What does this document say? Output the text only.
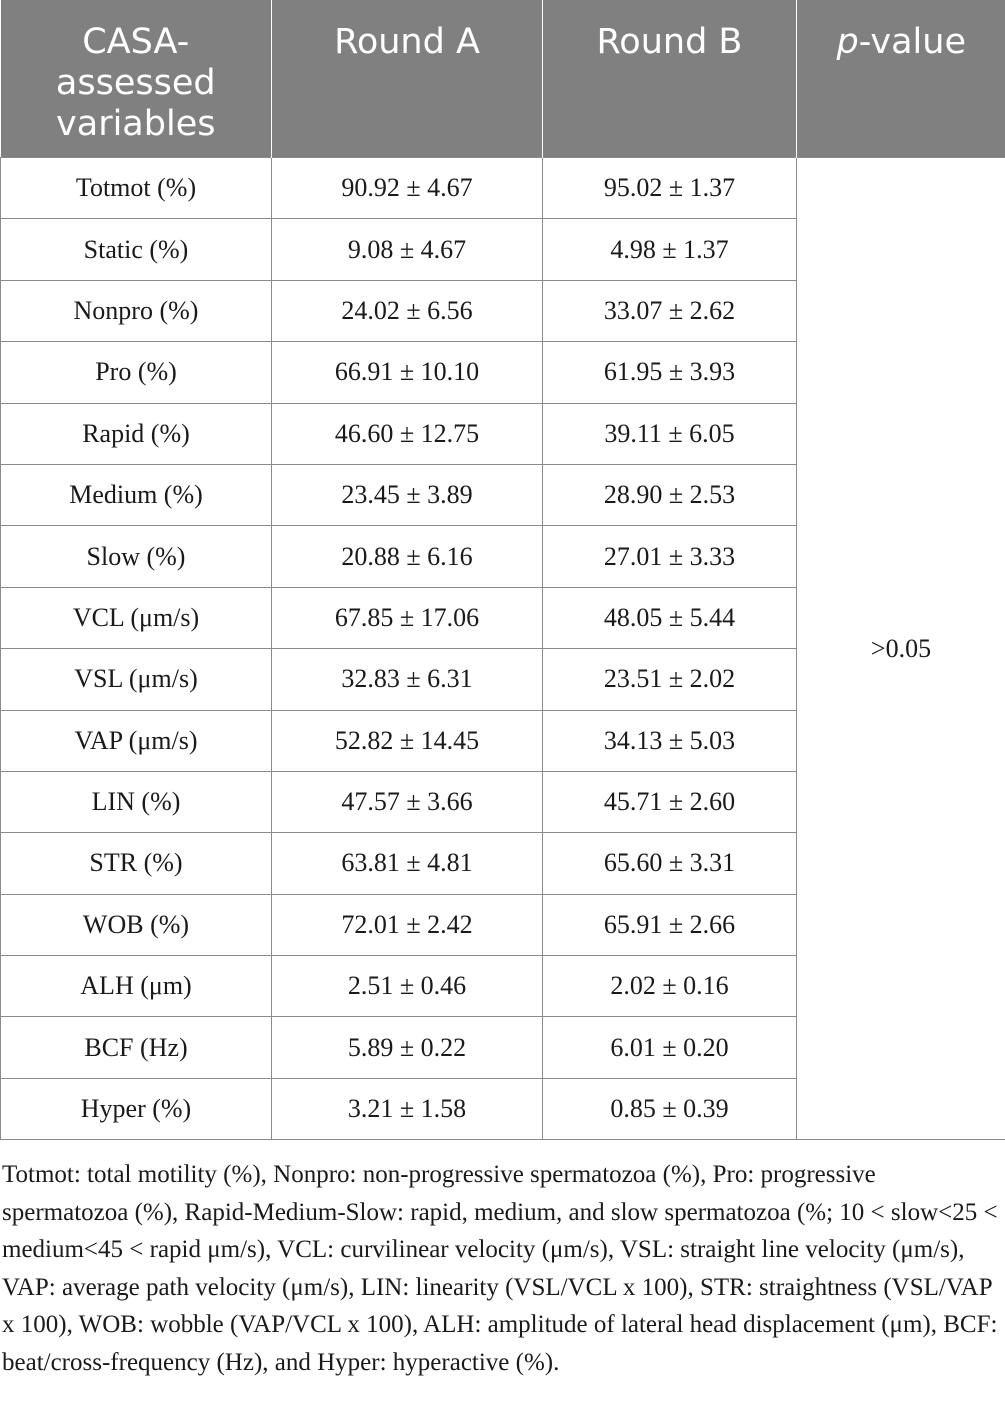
CASA-assessed variables	Round A	Round B	p-value
Totmot (%)	90.92 ± 4.67	95.02 ± 1.37	>0.05
Static (%)	9.08 ± 4.67	4.98 ± 1.37	
Nonpro (%)	24.02 ± 6.56	33.07 ± 2.62	
Pro (%)	66.91 ± 10.10	61.95 ± 3.93	
Rapid (%)	46.60 ± 12.75	39.11 ± 6.05	
Medium (%)	23.45 ± 3.89	28.90 ± 2.53	
Slow (%)	20.88 ± 6.16	27.01 ± 3.33	
VCL (μm/s)	67.85 ± 17.06	48.05 ± 5.44	
VSL (μm/s)	32.83 ± 6.31	23.51 ± 2.02	
VAP (μm/s)	52.82 ± 14.45	34.13 ± 5.03	
LIN (%)	47.57 ± 3.66	45.71 ± 2.60	
STR (%)	63.81 ± 4.81	65.60 ± 3.31	
WOB (%)	72.01 ± 2.42	65.91 ± 2.66	
ALH (μm)	2.51 ± 0.46	2.02 ± 0.16	
BCF (Hz)	5.89 ± 0.22	6.01 ± 0.20	
Hyper (%)	3.21 ± 1.58	0.85 ± 0.39	

Totmot: total motility (%), Nonpro: non-progressive spermatozoa (%), Pro: progressive spermatozoa (%), Rapid-Medium-Slow: rapid, medium, and slow spermatozoa (%; 10 < slow<25 < medium<45 < rapid μm/s), VCL: curvilinear velocity (μm/s), VSL: straight line velocity (μm/s), VAP: average path velocity (μm/s), LIN: linearity (VSL/VCL x 100), STR: straightness (VSL/VAP x 100), WOB: wobble (VAP/VCL x 100), ALH: amplitude of lateral head displacement (μm), BCF: beat/cross-frequency (Hz), and Hyper: hyperactive (%).
